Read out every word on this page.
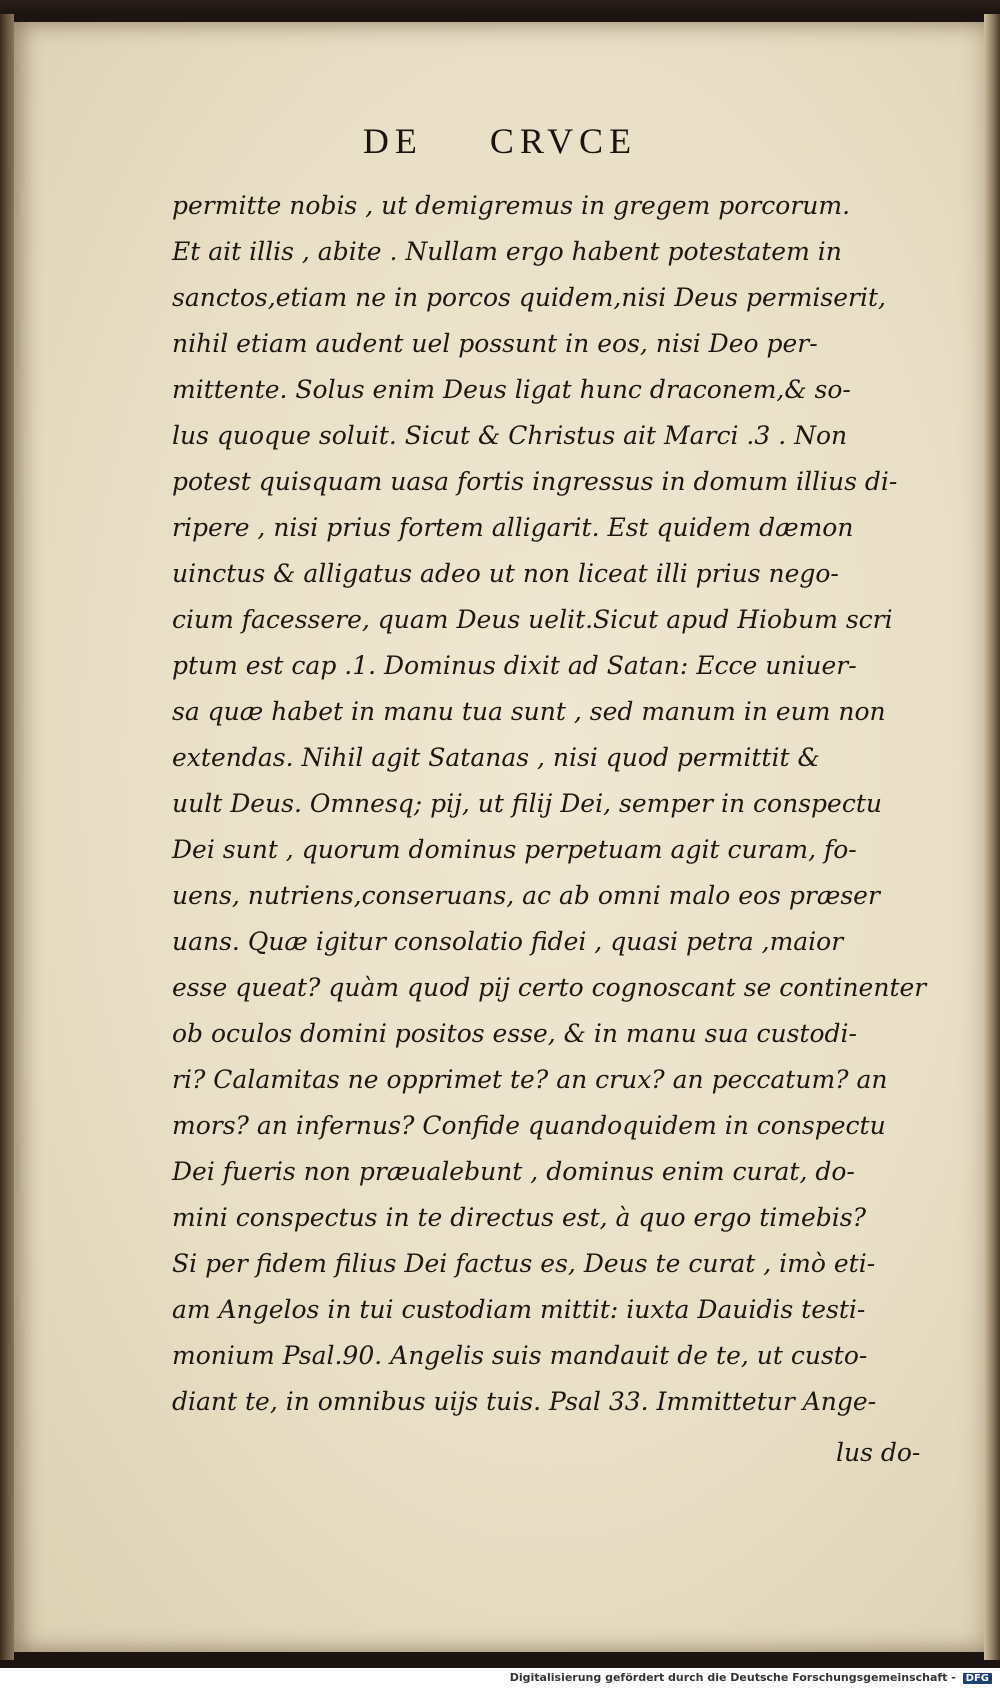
DE CRVCE
permitte nobis , ut demigremus in gregem porcorum.
Et ait illis , abite . Nullam ergo habent potestatem in
sanctos,etiam ne in porcos quidem,nisi Deus permiserit,
nihil etiam audent uel possunt in eos, nisi Deo per-
mittente. Solus enim Deus ligat hunc draconem,& so-
lus quoque soluit. Sicut & Christus ait Marci .3 . Non
potest quisquam uasa fortis ingressus in domum illius di-
ripere , nisi prius fortem alligarit. Est quidem dæmon
uinctus & alligatus adeo ut non liceat illi prius nego-
cium facessere, quam Deus uelit.Sicut apud Hiobum scri
ptum est cap .1. Dominus dixit ad Satan: Ecce uniuer-
sa quæ habet in manu tua sunt , sed manum in eum non
extendas. Nihil agit Satanas , nisi quod permittit &
uult Deus. Omnesq; pij, ut filij Dei, semper in conspectu
Dei sunt , quorum dominus perpetuam agit curam, fo-
uens, nutriens,conseruans, ac ab omni malo eos præser
uans. Quæ igitur consolatio fidei , quasi petra ,maior
esse queat? quàm quod pij certo cognoscant se continenter
ob oculos domini positos esse, & in manu sua custodi-
ri? Calamitas ne opprimet te? an crux? an peccatum? an
mors? an infernus? Confide quandoquidem in conspectu
Dei fueris non præualebunt , dominus enim curat, do-
mini conspectus in te directus est, à quo ergo timebis?
Si per fidem filius Dei factus es, Deus te curat , imò eti-
am Angelos in tui custodiam mittit: iuxta Dauidis testi-
monium Psal.90. Angelis suis mandauit de te, ut custo-
diant te, in omnibus uijs tuis. Psal 33. Immittetur Ange-
lus do-
Digitalisierung gefördert durch die Deutsche Forschungsgemeinschaft - DFG
